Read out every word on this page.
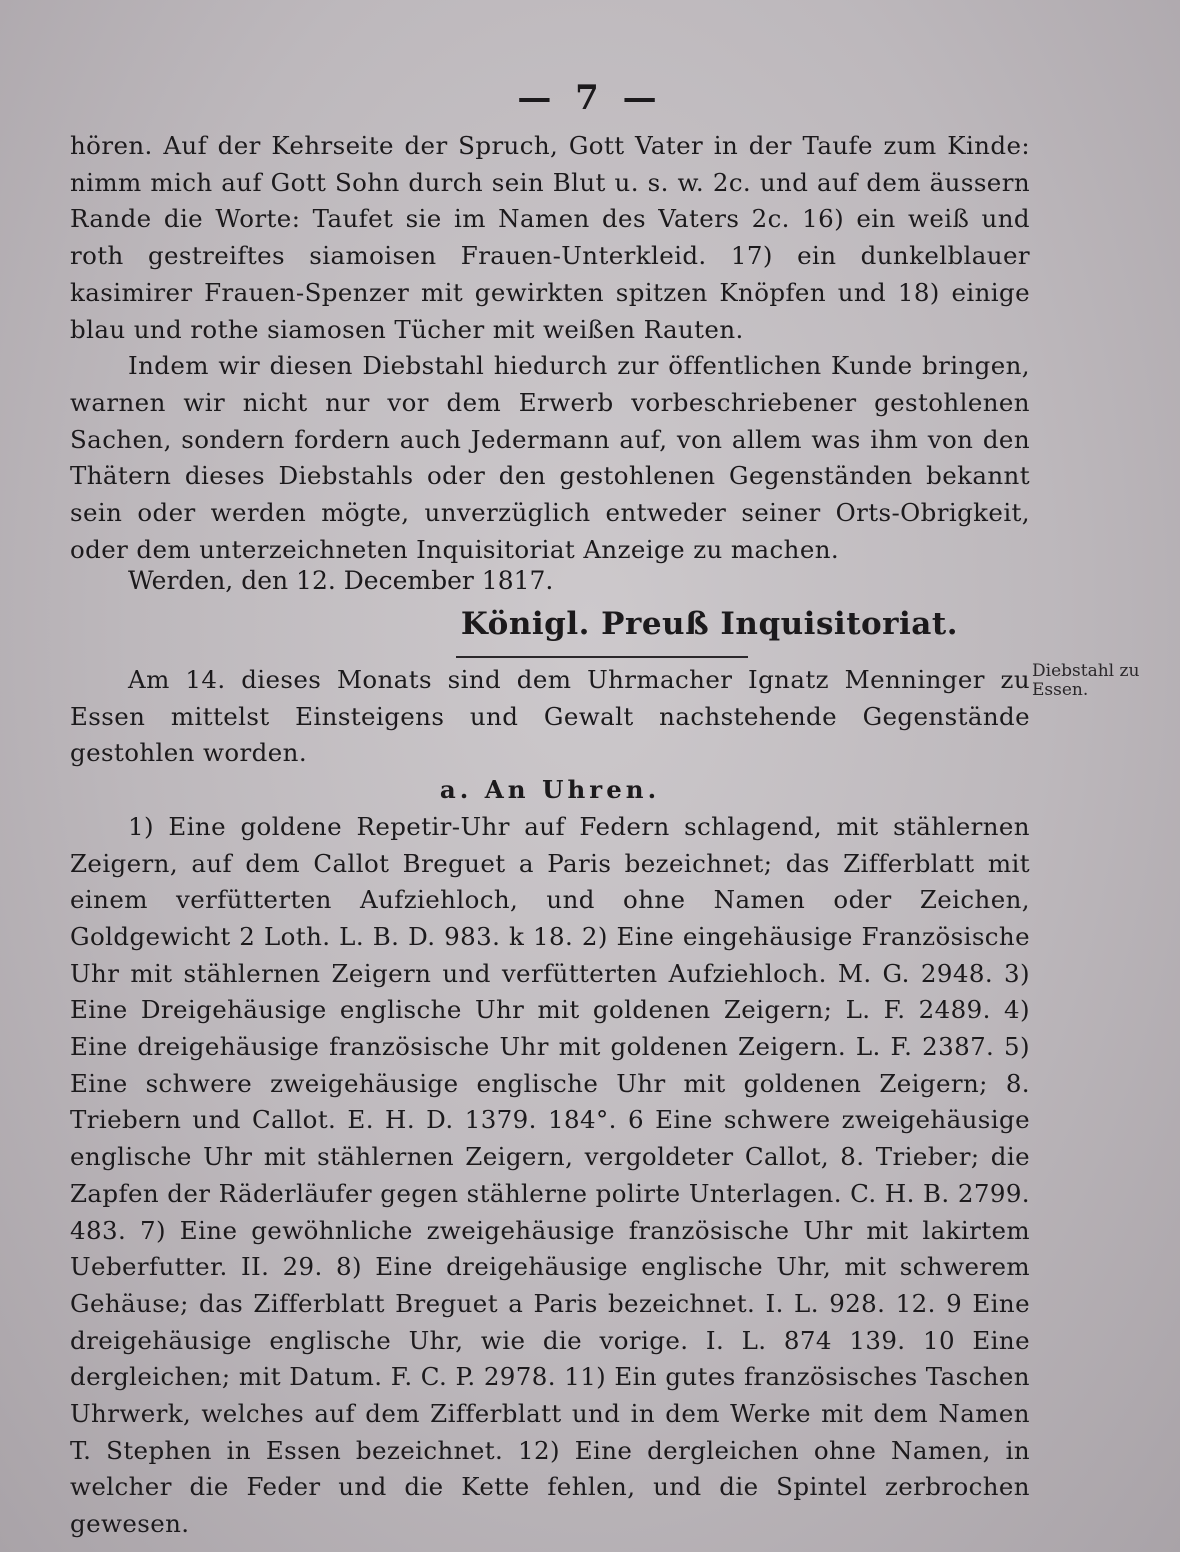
— 7 —

hören. Auf der Kehrseite der Spruch, Gott Vater in der Taufe zum Kinde: nimm mich auf Gott Sohn durch sein Blut u. s. w. 2c. und auf dem äussern Rande die Worte: Taufet sie im Namen des Vaters 2c. 16) ein weiß und roth gestreiftes siamoisen Frauen-Unterkleid. 17) ein dunkelblauer kasimirer Frauen-Spenzer mit gewirkten spitzen Knöpfen und 18) einige blau und rothe siamosen Tücher mit weißen Rauten.

Indem wir diesen Diebstahl hiedurch zur öffentlichen Kunde bringen, warnen wir nicht nur vor dem Erwerb vorbeschriebener gestohlenen Sachen, sondern fordern auch Jedermann auf, von allem was ihm von den Thätern dieses Diebstahls oder den gestohlenen Gegenständen bekannt sein oder werden mögte, unverzüglich entweder seiner Orts-Obrigkeit, oder dem unterzeichneten Inquisitoriat Anzeige zu machen.

Werden, den 12. December 1817.
Königl. Preuß Inquisitoriat.
Diebstahl zu Essen.

Am 14. dieses Monats sind dem Uhrmacher Ignatz Menninger zu Essen mittelst Einsteigens und Gewalt nachstehende Gegenstände gestohlen worden.

a. An Uhren.

1) Eine goldene Repetir-Uhr auf Federn schlagend, mit stählernen Zeigern, auf dem Callot Breguet a Paris bezeichnet; das Zifferblatt mit einem verfütterten Aufziehloch, und ohne Namen oder Zeichen, Goldgewicht 2 Loth. L. B. D. 983. k 18. 2) Eine eingehäusige Französische Uhr mit stählernen Zeigern und verfütterten Aufziehloch. M. G. 2948. 3) Eine Dreigehäusige englische Uhr mit goldenen Zeigern; L. F. 2489. 4) Eine dreigehäusige französische Uhr mit goldenen Zeigern. L. F. 2387. 5) Eine schwere zweigehäusige englische Uhr mit goldenen Zeigern; 8. Triebern und Callot. E. H. D. 1379. 184°. 6 Eine schwere zweigehäusige englische Uhr mit stählernen Zeigern, vergoldeter Callot, 8. Trieber; die Zapfen der Räderläufer gegen stählerne polirte Unterlagen. C. H. B. 2799. 483. 7) Eine gewöhnliche zweigehäusige französische Uhr mit lakirtem Ueberfutter. II. 29. 8) Eine dreigehäusige englische Uhr, mit schwerem Gehäuse; das Zifferblatt Breguet a Paris bezeichnet. I. L. 928. 12. 9 Eine dreigehäusige englische Uhr, wie die vorige. I. L. 874 139. 10 Eine dergleichen; mit Datum. F. C. P. 2978. 11) Ein gutes französisches Taschen Uhrwerk, welches auf dem Zifferblatt und in dem Werke mit dem Namen T. Stephen in Essen bezeichnet. 12) Eine dergleichen ohne Namen, in welcher die Feder und die Kette fehlen, und die Spintel zerbrochen gewesen.
